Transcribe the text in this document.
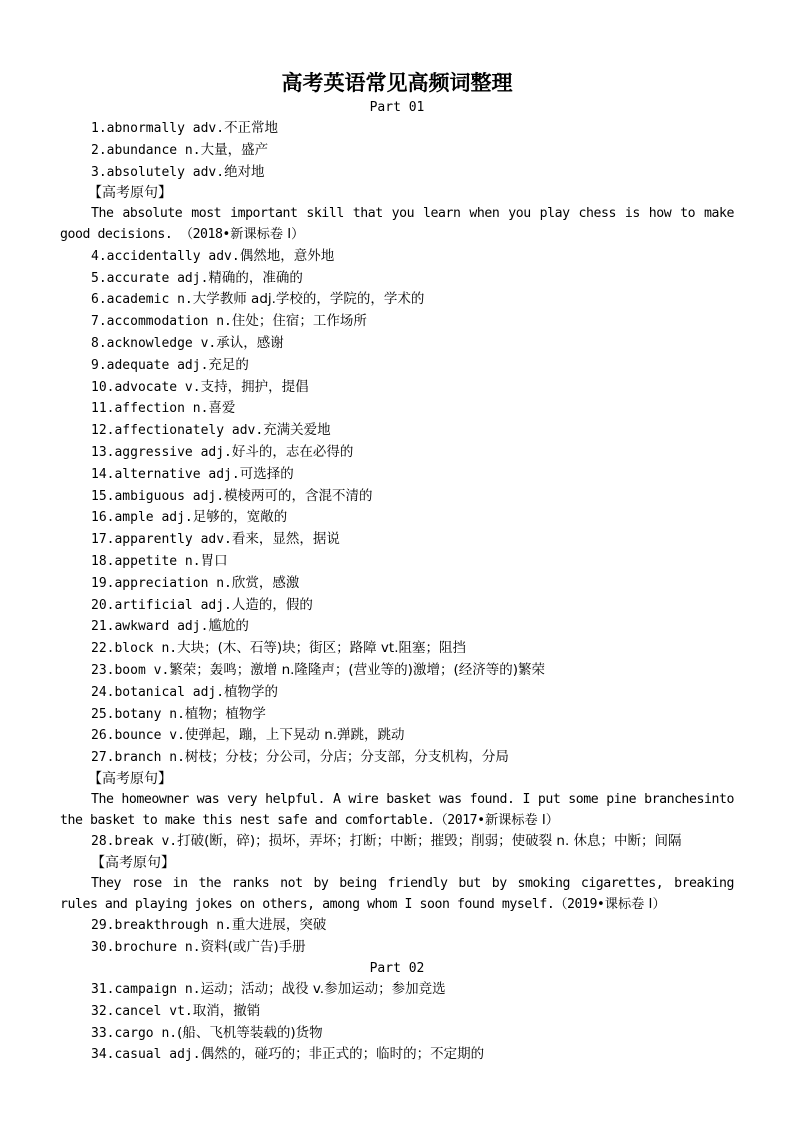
高考英语常见高频词整理
Part 01
1.abnormally adv.不正常地
2.abundance n.大量，盛产
3.absolutely adv.绝对地
【高考原句】
The absolute most important skill that you learn when you play chess is how to make good decisions. （2018•新课标卷 I）
4.accidentally adv.偶然地，意外地
5.accurate adj.精确的，准确的
6.academic n.大学教师 adj.学校的，学院的，学术的
7.accommodation n.住处；住宿；工作场所
8.acknowledge v.承认，感谢
9.adequate adj.充足的
10.advocate v.支持，拥护，提倡
11.affection n.喜爱
12.affectionately adv.充满关爱地
13.aggressive adj.好斗的，志在必得的
14.alternative adj.可选择的
15.ambiguous adj.模棱两可的，含混不清的
16.ample adj.足够的，宽敞的
17.apparently adv.看来，显然，据说
18.appetite n.胃口
19.appreciation n.欣赏，感激
20.artificial adj.人造的，假的
21.awkward adj.尴尬的
22.block n.大块；(木、石等)块；街区；路障 vt.阻塞；阻挡
23.boom v.繁荣；轰鸣；激增 n.隆隆声；(营业等的)激增；(经济等的)繁荣
24.botanical adj.植物学的
25.botany n.植物；植物学
26.bounce v.使弹起，蹦，上下晃动 n.弹跳，跳动
27.branch n.树枝；分枝；分公司，分店；分支部，分支机构，分局
【高考原句】
The homeowner was very helpful. A wire basket was found. I put some pine branchesinto the basket to make this nest safe and comfortable.（2017•新课标卷 I）
28.break v.打破(断，碎)；损坏，弄坏；打断；中断；摧毁；削弱；使破裂 n. 休息；中断；间隔
【高考原句】
They rose in the ranks not by being friendly but by smoking cigarettes, breaking rules and playing jokes on others, among whom I soon found myself.（2019•课标卷 I）
29.breakthrough n.重大进展，突破
30.brochure n.资料(或广告)手册
Part 02
31.campaign n.运动；活动；战役 v.参加运动；参加竞选
32.cancel vt.取消，撤销
33.cargo n.(船、飞机等装载的)货物
34.casual adj.偶然的，碰巧的；非正式的；临时的；不定期的
